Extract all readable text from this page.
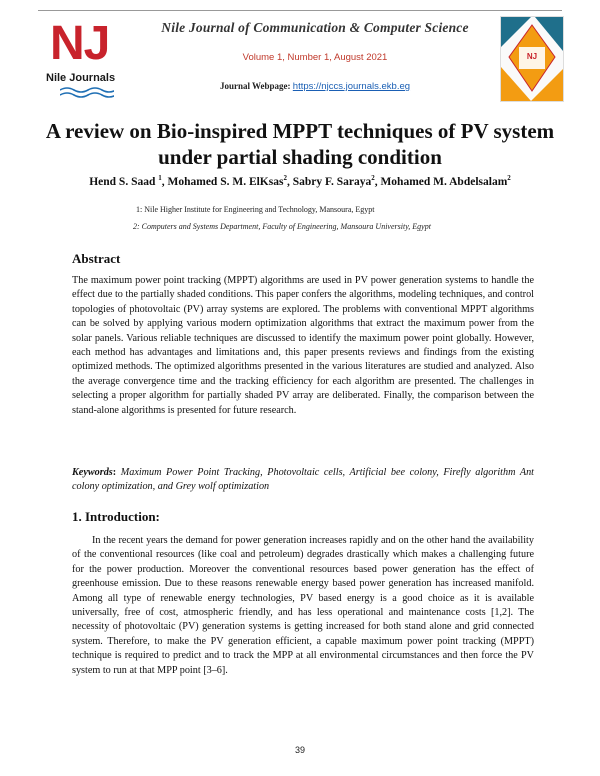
NJ
Nile Journals
Nile Journal of Communication & Computer Science
Volume 1, Number 1, August 2021
Journal Webpage: https://njccs.journals.ekb.eg
NJ
A review on Bio-inspired MPPT techniques of PV system under partial shading condition
Hend S. Saad $^1$, Mohamed S. M. ElKsas$^2$, Sabry F. Saraya$^2$, Mohamed M. Abdelsalam$^2$
1: Nile Higher Institute for Engineering and Technology, Mansoura, Egypt
2: Computers and Systems Department, Faculty of Engineering, Mansoura University, Egypt
Abstract
The maximum power point tracking (MPPT) algorithms are used in PV power generation systems to handle the effect due to the partially shaded conditions. This paper confers the algorithms, modeling techniques, and control topologies of photovoltaic (PV) array systems are explored. The problems with conventional MPPT algorithms can be solved by applying various modern optimization algorithms that extract the maximum power from the solar panels. Various reliable techniques are discussed to identify the maximum power point globally. However, each method has advantages and limitations and, this paper presents reviews and findings from the existing optimized methods. The optimized algorithms presented in the various literatures are studied and analyzed. Also the average convergence time and the tracking efficiency for each algorithm are presented. The challenges in selecting a proper algorithm for partially shaded PV array are deliberated. Finally, the comparison between the stand-alone algorithms is presented for future research.
Keywords: Maximum Power Point Tracking, Photovoltaic cells, Artificial bee colony, Firefly algorithm Ant colony optimization, and Grey wolf optimization
1. Introduction:
In the recent years the demand for power generation increases rapidly and on the other hand the availability of the conventional resources (like coal and petroleum) degrades drastically which makes a challenging future for the power production. Moreover the conventional resources based power generation has the effect of greenhouse emission. Due to these reasons renewable energy based power generation has increased manifold. Among all type of renewable energy technologies, PV based energy is a good choice as it is available universally, free of cost, atmospheric friendly, and has less operational and maintenance costs [1,2]. The necessity of photovoltaic (PV) generation systems is getting increased for both stand alone and grid connected system. Therefore, to make the PV generation efficient, a capable maximum power point tracking (MPPT) technique is required to predict and to track the MPP at all environmental circumstances and then force the PV system to run at that MPP point [3–6].
39
